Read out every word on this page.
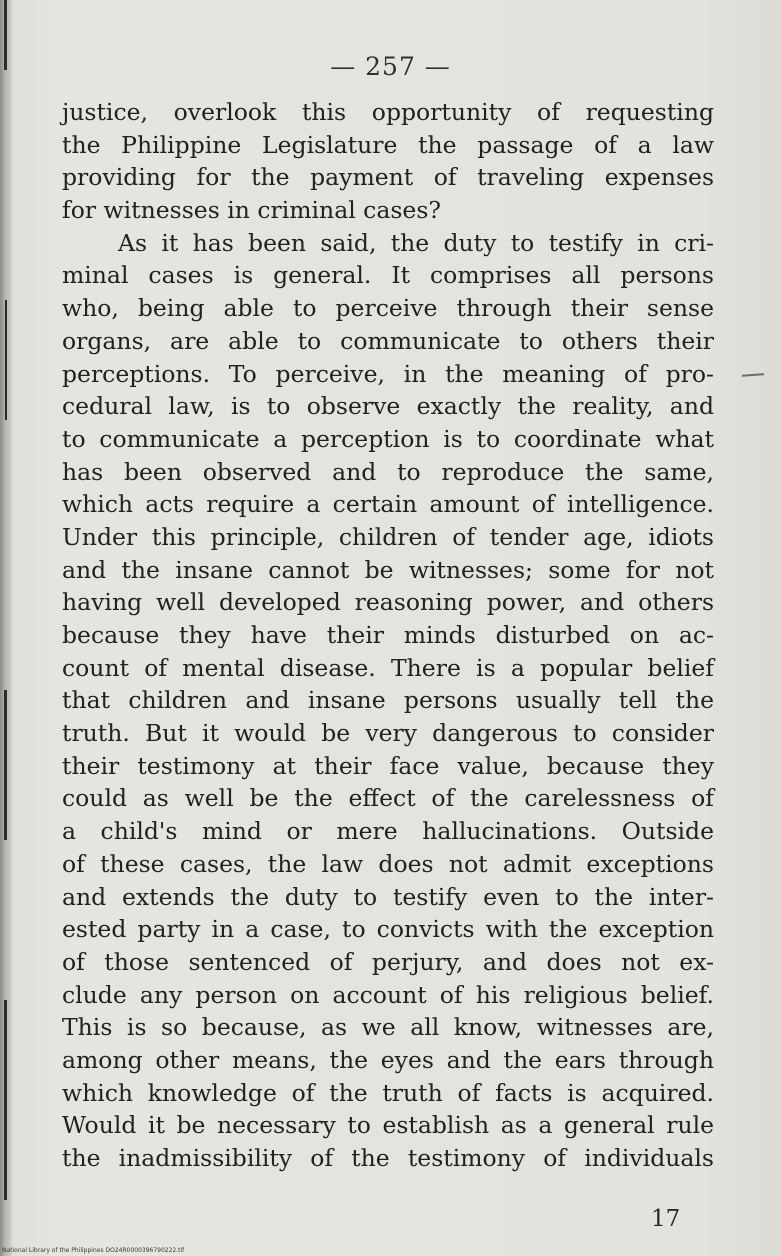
— 257 —
justice, overlook this opportunity of requesting
the Philippine Legislature the passage of a law
providing for the payment of traveling expenses
for witnesses in criminal cases?
As it has been said, the duty to testify in cri-
minal cases is general. It comprises all persons
who, being able to perceive through their sense
organs, are able to communicate to others their
perceptions. To perceive, in the meaning of pro-
cedural law, is to observe exactly the reality, and
to communicate a perception is to coordinate what
has been observed and to reproduce the same,
which acts require a certain amount of intelligence.
Under this principle, children of tender age, idiots
and the insane cannot be witnesses; some for not
having well developed reasoning power, and others
because they have their minds disturbed on ac-
count of mental disease. There is a popular belief
that children and insane persons usually tell the
truth. But it would be very dangerous to consider
their testimony at their face value, because they
could as well be the effect of the carelessness of
a child's mind or mere hallucinations. Outside
of these cases, the law does not admit exceptions
and extends the duty to testify even to the inter-
ested party in a case, to convicts with the exception
of those sentenced of perjury, and does not ex-
clude any person on account of his religious belief.
This is so because, as we all know, witnesses are,
among other means, the eyes and the ears through
which knowledge of the truth of facts is acquired.
Would it be necessary to establish as a general rule
the inadmissibility of the testimony of individuals
17
National Library of the Philippines DO24R0000396790222.tif
